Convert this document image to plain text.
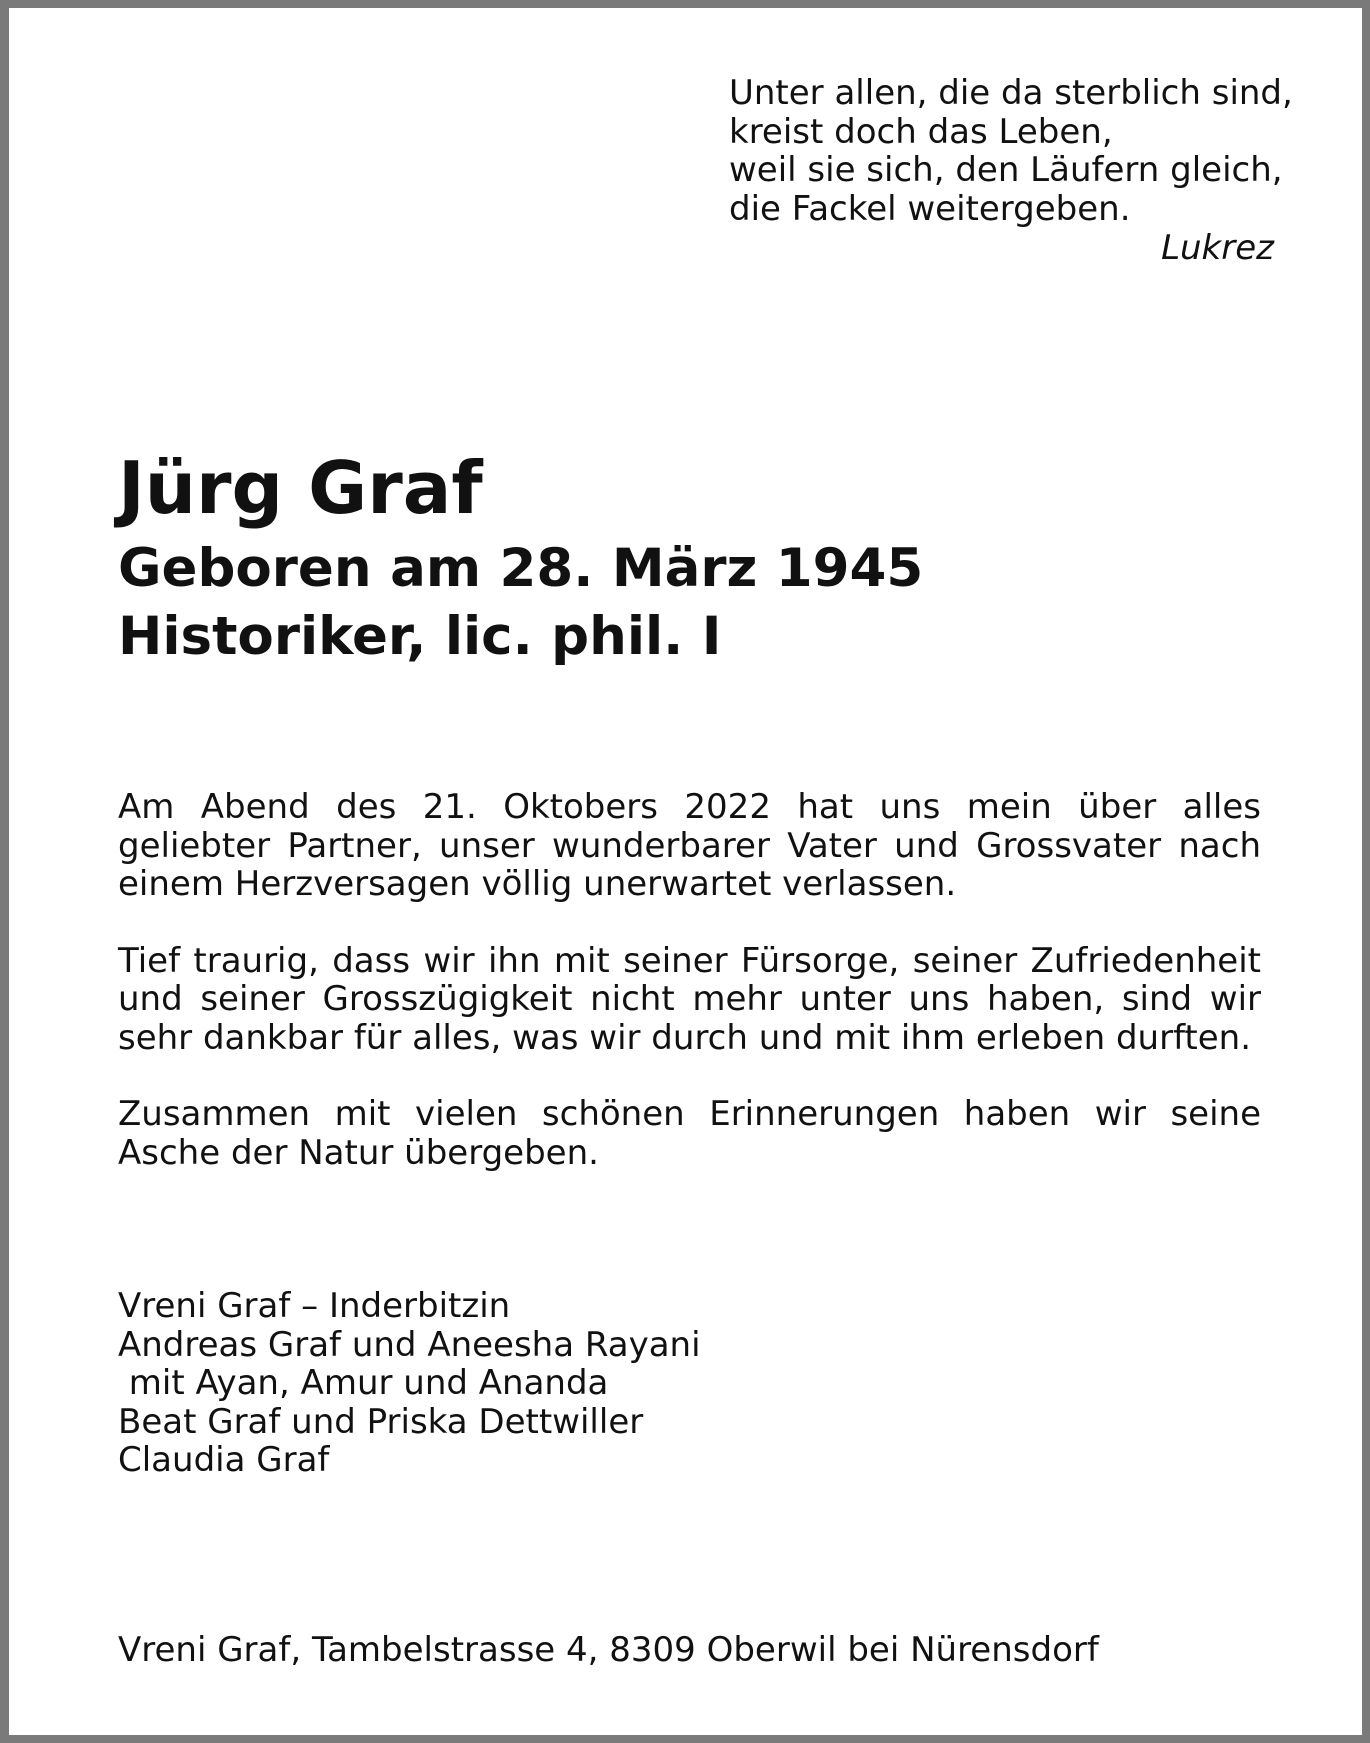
Unter allen, die da sterblich sind,
kreist doch das Leben,
weil sie sich, den Läufern gleich,
die Fackel weitergeben.
Lukrez
Jürg Graf
Geboren am 28. März 1945
Historiker, lic. phil. I

Am Abend des 21. Oktobers 2022 hat uns mein über alles geliebter Partner, unser wunderbarer Vater und Grossvater nach einem Herzversagen völlig unerwartet verlassen.

Tief traurig, dass wir ihn mit seiner Fürsorge, seiner Zufriedenheit und seiner Grosszügigkeit nicht mehr unter uns haben, sind wir sehr dankbar für alles, was wir durch und mit ihm erleben durften.

Zusammen mit vielen schönen Erinnerungen haben wir seine Asche der Natur übergeben.

Vreni Graf – Inderbitzin
Andreas Graf und Aneesha Rayani
mit Ayan, Amur und Ananda
Beat Graf und Priska Dettwiller
Claudia Graf
Vreni Graf, Tambelstrasse 4, 8309 Oberwil bei Nürensdorf
